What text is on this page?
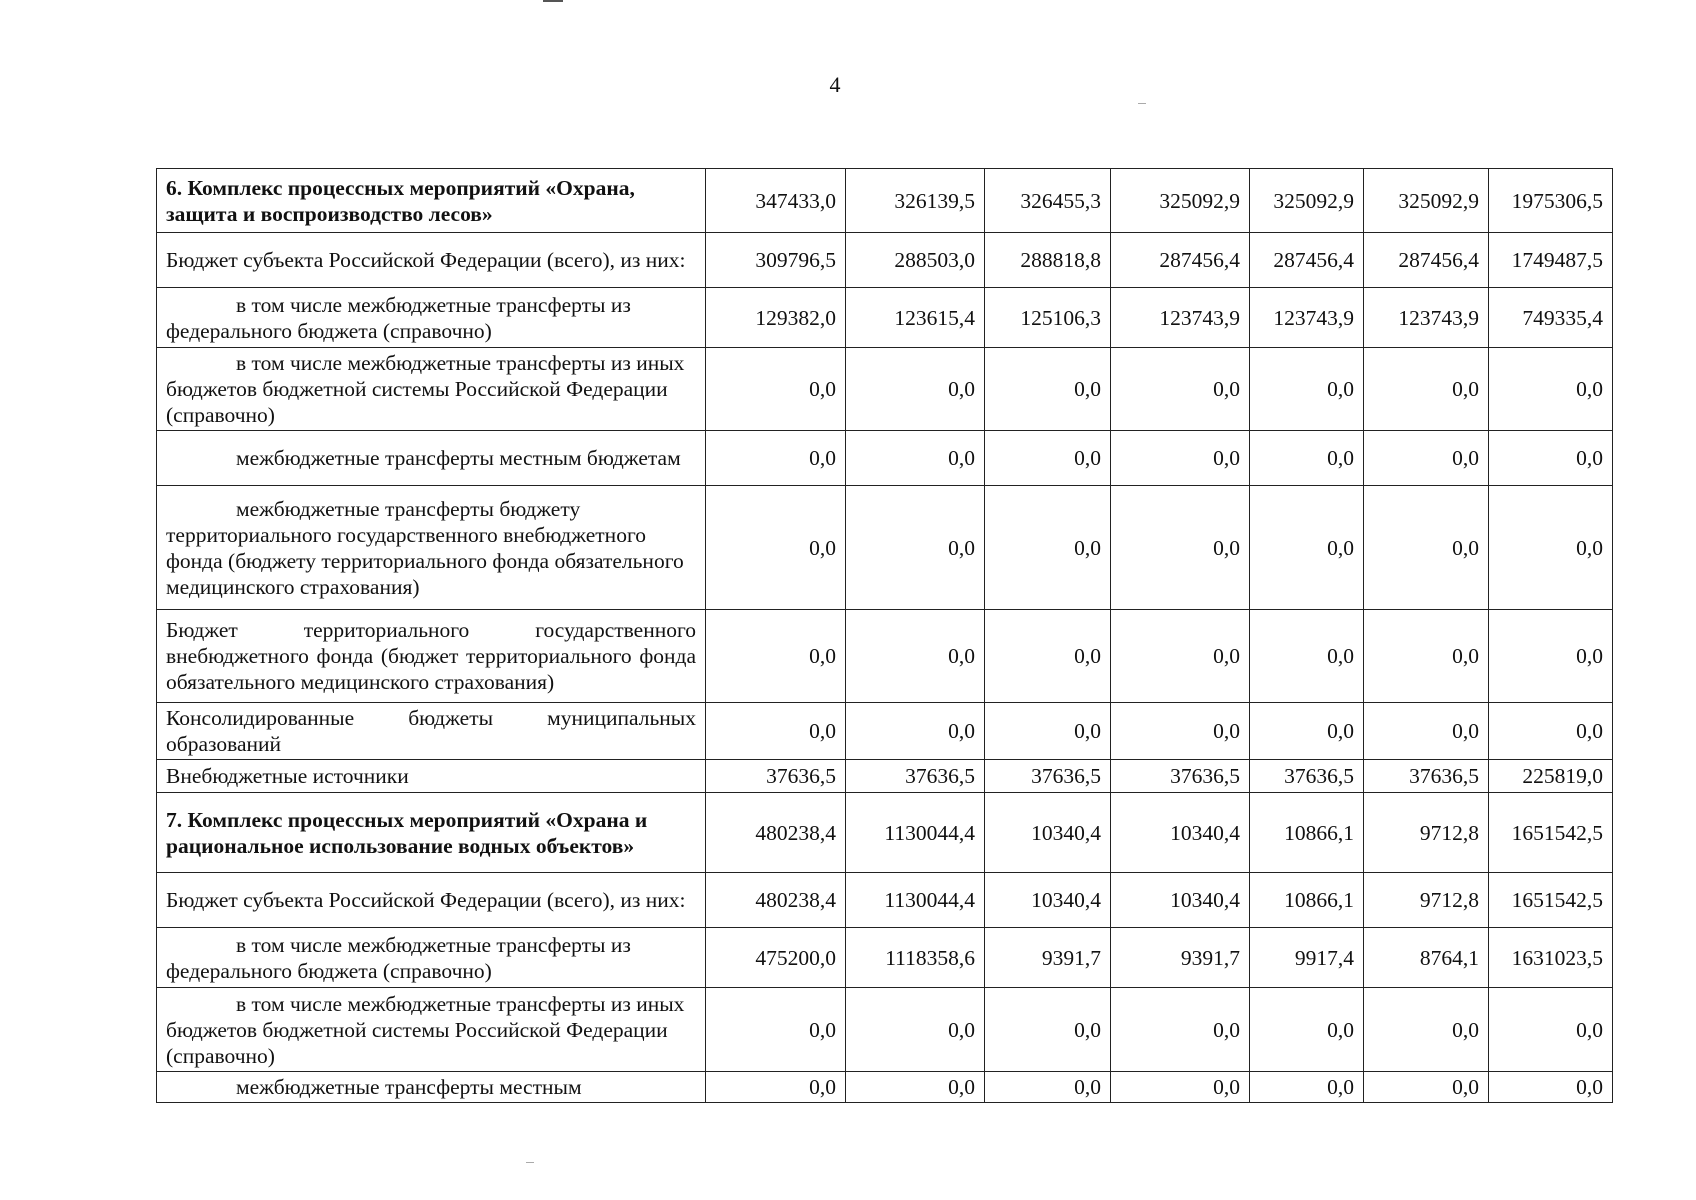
4
6. Комплекс процессных мероприятий «Охрана, защита и воспроизводство лесов»	347433,0	326139,5	326455,3	325092,9	325092,9	325092,9	1975306,5

Бюджет субъекта Российской Федерации (всего), из них:	309796,5	288503,0	288818,8	287456,4	287456,4	287456,4	1749487,5

в том числе межбюджетные трансферты из федерального бюджета (справочно)	129382,0	123615,4	125106,3	123743,9	123743,9	123743,9	749335,4

в том числе межбюджетные трансферты из иных бюджетов бюджетной системы Российской Федерации (справочно)	0,0	0,0	0,0	0,0	0,0	0,0	0,0

межбюджетные трансферты местным бюджетам	0,0	0,0	0,0	0,0	0,0	0,0	0,0

межбюджетные трансферты бюджету территориального государственного внебюджетного фонда (бюджету территориального фонда обязательного медицинского страхования)	0,0	0,0	0,0	0,0	0,0	0,0	0,0

Бюджет территориального государственного внебюджетного фонда (бюджет территориального фонда обязательного медицинского страхования)	0,0	0,0	0,0	0,0	0,0	0,0	0,0

Консолидированные бюджеты муниципальных образований	0,0	0,0	0,0	0,0	0,0	0,0	0,0

Внебюджетные источники	37636,5	37636,5	37636,5	37636,5	37636,5	37636,5	225819,0

7. Комплекс процессных мероприятий «Охрана и рациональное использование водных объектов»	480238,4	1130044,4	10340,4	10340,4	10866,1	9712,8	1651542,5

Бюджет субъекта Российской Федерации (всего), из них:	480238,4	1130044,4	10340,4	10340,4	10866,1	9712,8	1651542,5

в том числе межбюджетные трансферты из федерального бюджета (справочно)	475200,0	1118358,6	9391,7	9391,7	9917,4	8764,1	1631023,5

в том числе межбюджетные трансферты из иных бюджетов бюджетной системы Российской Федерации (справочно)	0,0	0,0	0,0	0,0	0,0	0,0	0,0

межбюджетные трансферты местным	0,0	0,0	0,0	0,0	0,0	0,0	0,0
